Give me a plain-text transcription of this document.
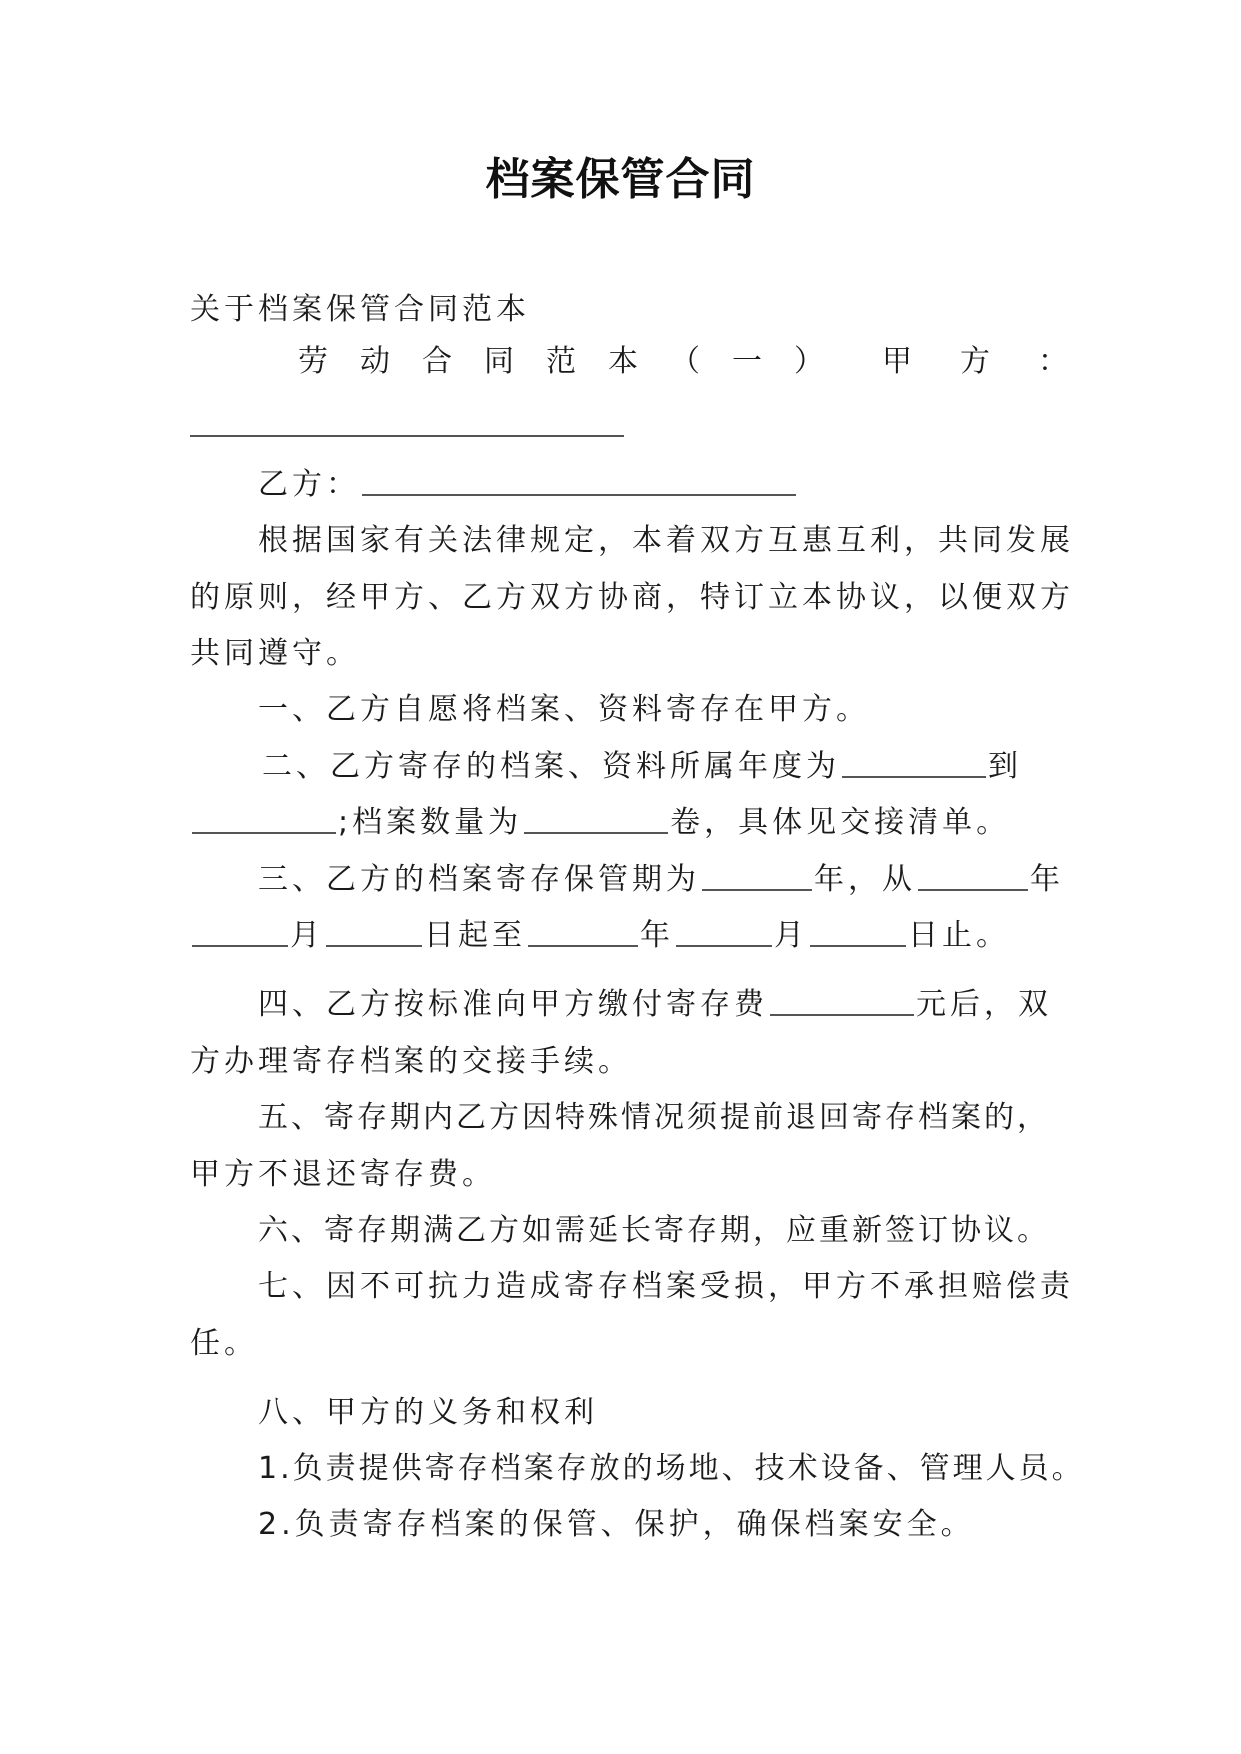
档案保管合同
关于档案保管合同范本
劳动合同范本（一） 甲方：
乙方：
根据国家有关法律规定，本着双方互惠互利，共同发展
的原则，经甲方、乙方双方协商，特订立本协议，以便双方
共同遵守。
一、乙方自愿将档案、资料寄存在甲方。
二、乙方寄存的档案、资料所属年度为	到
;档案数量为	卷，具体见交接清单。
三、乙方的档案寄存保管期为	年，从	年
月	日起至	年	月	日止。
四、乙方按标准向甲方缴付寄存费	元后，双
方办理寄存档案的交接手续。
五、寄存期内乙方因特殊情况须提前退回寄存档案的，
甲方不退还寄存费。
六、寄存期满乙方如需延长寄存期，应重新签订协议。
七、因不可抗力造成寄存档案受损，甲方不承担赔偿责
任。
八、甲方的义务和权利
1.负责提供寄存档案存放的场地、技术设备、管理人员。
2.负责寄存档案的保管、保护，确保档案安全。
